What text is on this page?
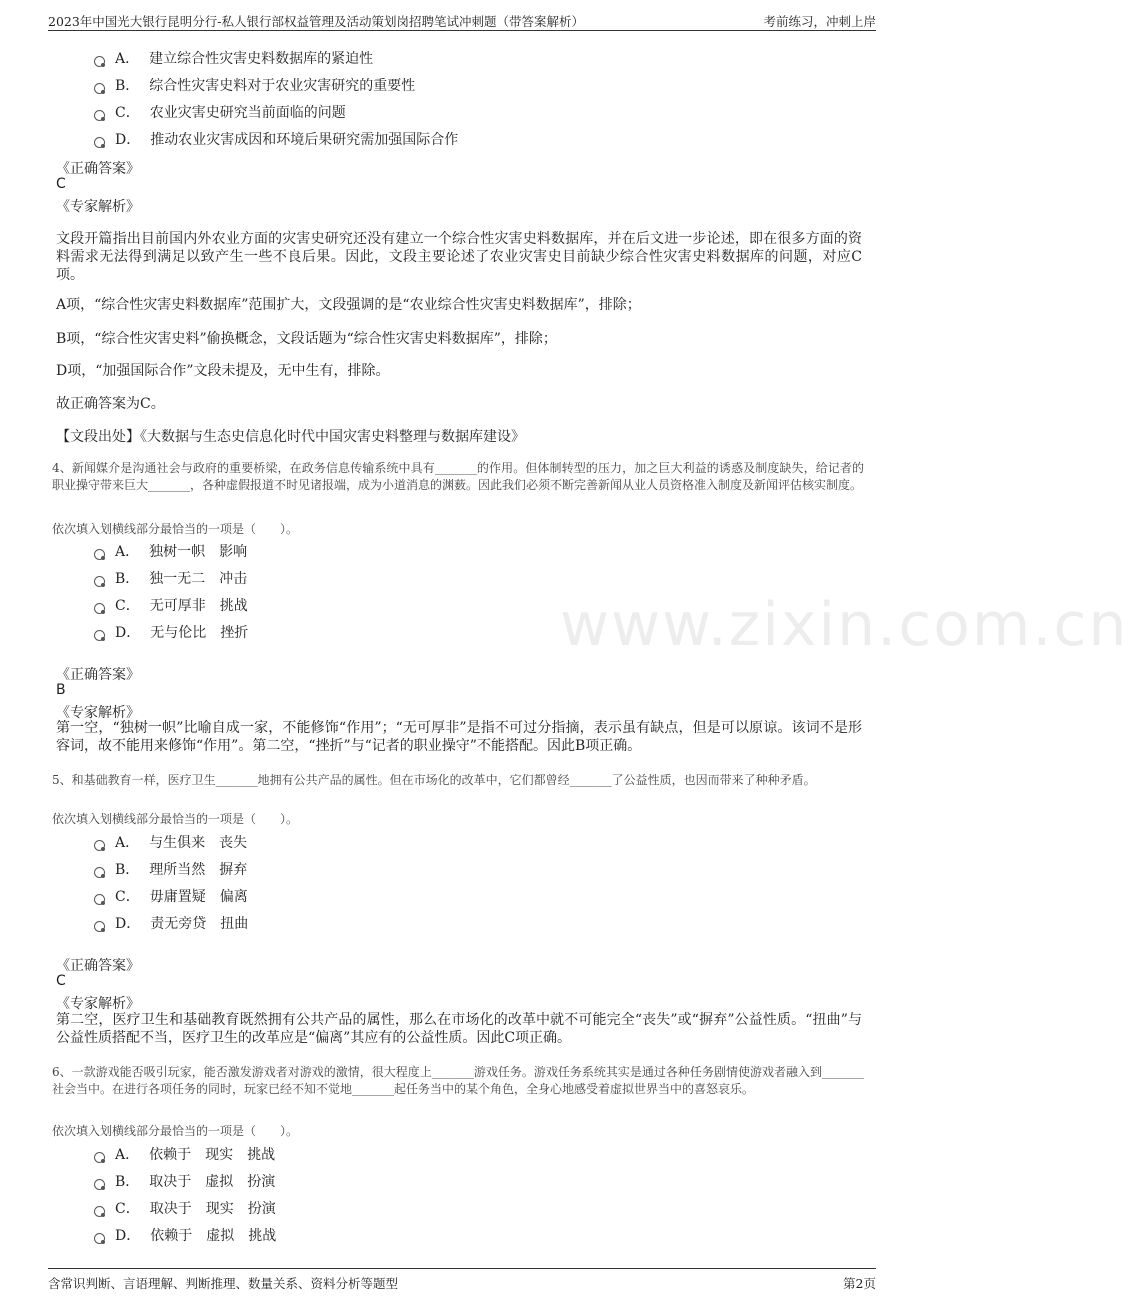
2023年中国光大银行昆明分行-私人银行部权益管理及活动策划岗招聘笔试冲刺题（带答案解析）	考前练习，冲刺上岸
www.zixin.com.cn
A． 建立综合性灾害史料数据库的紧迫性
B． 综合性灾害史料对于农业灾害研究的重要性
C． 农业灾害史研究当前面临的问题
D． 推动农业灾害成因和环境后果研究需加强国际合作
《正确答案》
C
《专家解析》
文段开篇指出目前国内外农业方面的灾害史研究还没有建立一个综合性灾害史料数据库，并在后文进一步论述，即在很多方面的资料需求无法得到满足以致产生一些不良后果。因此，文段主要论述了农业灾害史目前缺少综合性灾害史料数据库的问题，对应C项。
A项，“综合性灾害史料数据库”范围扩大，文段强调的是“农业综合性灾害史料数据库”，排除；
B项，“综合性灾害史料”偷换概念，文段话题为“综合性灾害史料数据库”，排除；
D项，“加强国际合作”文段未提及，无中生有，排除。
故正确答案为C。
【文段出处】《大数据与生态史信息化时代中国灾害史料整理与数据库建设》
4、新闻媒介是沟通社会与政府的重要桥梁，在政务信息传输系统中具有_______的作用。但体制转型的压力，加之巨大利益的诱惑及制度缺失，给记者的职业操守带来巨大_______，各种虚假报道不时见诸报端，成为小道消息的渊薮。因此我们必须不断完善新闻从业人员资格准入制度及新闻评估核实制度。
依次填入划横线部分最恰当的一项是（　　）。
A． 独树一帜 影响
B． 独一无二 冲击
C． 无可厚非 挑战
D． 无与伦比 挫折
《正确答案》
B
《专家解析》
第一空，“独树一帜”比喻自成一家，不能修饰“作用”；“无可厚非”是指不可过分指摘，表示虽有缺点，但是可以原谅。该词不是形容词，故不能用来修饰“作用”。第二空，“挫折”与“记者的职业操守”不能搭配。因此B项正确。
5、和基础教育一样，医疗卫生_______地拥有公共产品的属性。但在市场化的改革中，它们都曾经_______了公益性质，也因而带来了种种矛盾。
依次填入划横线部分最恰当的一项是（　　）。
A． 与生俱来 丧失
B． 理所当然 摒弃
C． 毋庸置疑 偏离
D． 责无旁贷 扭曲
《正确答案》
C
《专家解析》
第二空，医疗卫生和基础教育既然拥有公共产品的属性，那么在市场化的改革中就不可能完全“丧失”或“摒弃”公益性质。“扭曲”与公益性质搭配不当，医疗卫生的改革应是“偏离”其应有的公益性质。因此C项正确。
6、一款游戏能否吸引玩家，能否激发游戏者对游戏的激情，很大程度上_______游戏任务。游戏任务系统其实是通过各种任务剧情使游戏者融入到_______社会当中。在进行各项任务的同时，玩家已经不知不觉地_______起任务当中的某个角色，全身心地感受着虚拟世界当中的喜怒哀乐。
依次填入划横线部分最恰当的一项是（　　）。
A． 依赖于 现实 挑战
B． 取决于 虚拟 扮演
C． 取决于 现实 扮演
D． 依赖于 虚拟 挑战
含常识判断、言语理解、判断推理、数量关系、资料分析等题型	第2页
